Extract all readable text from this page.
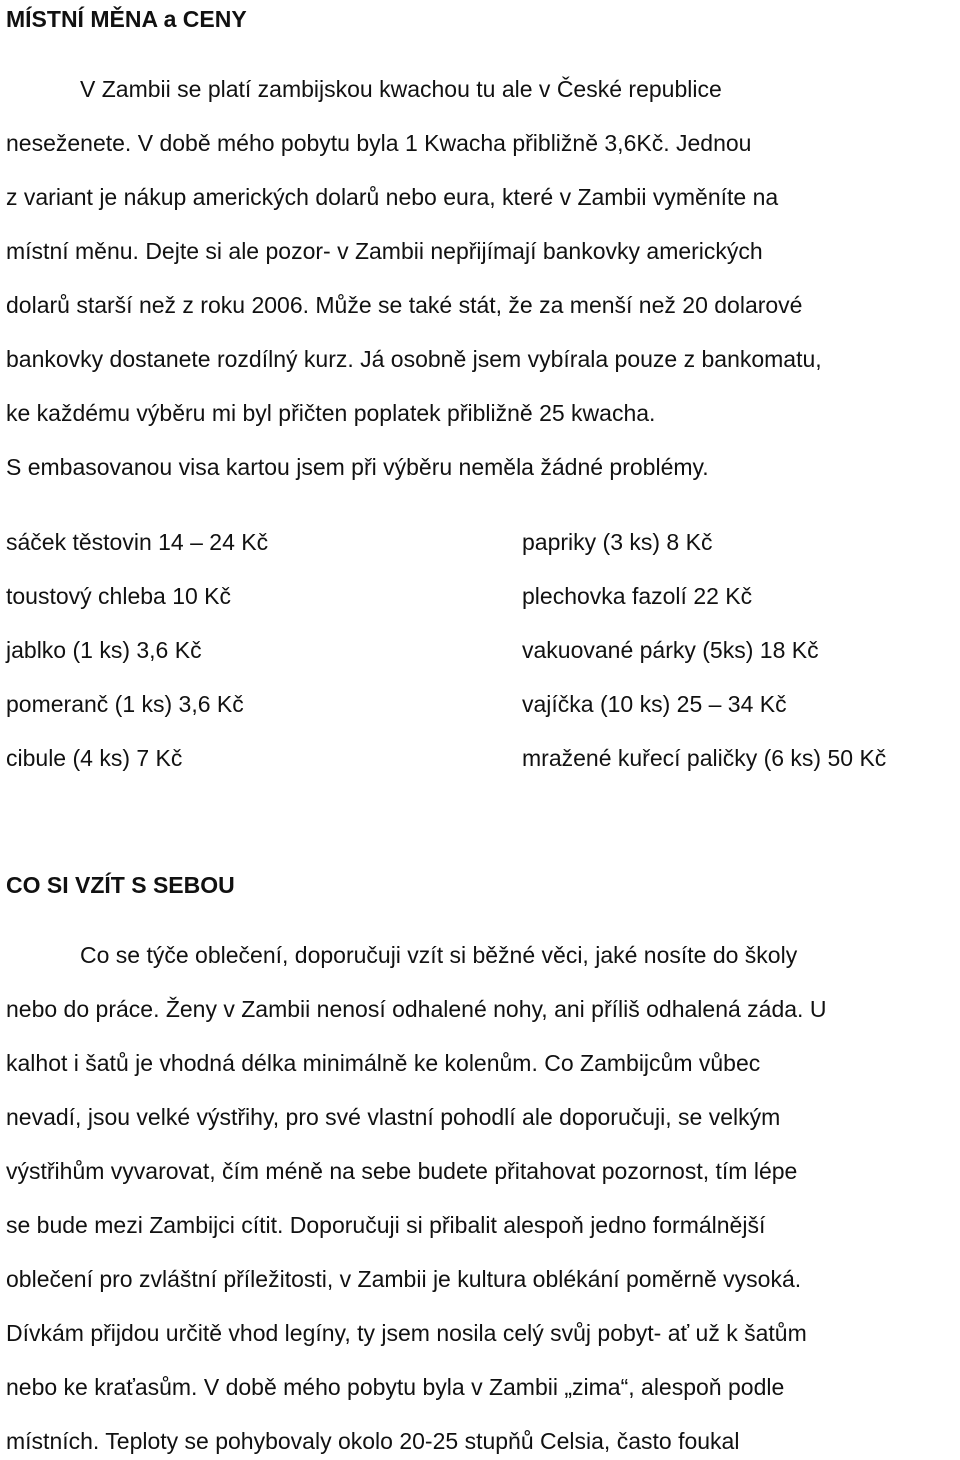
MÍSTNÍ MĚNA a CENY
V Zambii se platí zambijskou kwachou tu ale v České republice
neseženete. V době mého pobytu byla 1 Kwacha přibližně 3,6Kč. Jednou
z variant je nákup amerických dolarů nebo eura, které v Zambii vyměníte na
místní měnu. Dejte si ale pozor- v Zambii nepřijímají bankovky amerických
dolarů starší než z roku 2006. Může se také stát, že za menší než 20 dolarové
bankovky dostanete rozdílný kurz. Já osobně jsem vybírala pouze z bankomatu,
ke každému výběru mi byl přičten poplatek přibližně 25 kwacha.
S embasovanou visa kartou jsem při výběru neměla žádné problémy.
sáček těstovin 14 – 24 Kč
toustový chleba 10 Kč
jablko (1 ks) 3,6 Kč
pomeranč (1 ks) 3,6 Kč
cibule (4 ks) 7 Kč
papriky (3 ks) 8 Kč
plechovka fazolí 22 Kč
vakuované párky (5ks) 18 Kč
vajíčka (10 ks) 25 – 34 Kč
mražené kuřecí paličky (6 ks) 50 Kč
CO SI VZÍT S SEBOU
Co se týče oblečení, doporučuji vzít si běžné věci, jaké nosíte do školy
nebo do práce. Ženy v Zambii nenosí odhalené nohy, ani příliš odhalená záda. U
kalhot i šatů je vhodná délka minimálně ke kolenům. Co Zambijcům vůbec
nevadí, jsou velké výstřihy, pro své vlastní pohodlí ale doporučuji, se velkým
výstřihům vyvarovat, čím méně na sebe budete přitahovat pozornost, tím lépe
se bude mezi Zambijci cítit. Doporučuji si přibalit alespoň jedno formálnější
oblečení pro zvláštní příležitosti, v Zambii je kultura oblékání poměrně vysoká.
Dívkám přijdou určitě vhod legíny, ty jsem nosila celý svůj pobyt- ať už k šatům
nebo ke kraťasům. V době mého pobytu byla v Zambii „zima“, alespoň podle
místních. Teploty se pohybovaly okolo 20-25 stupňů Celsia, často foukal
